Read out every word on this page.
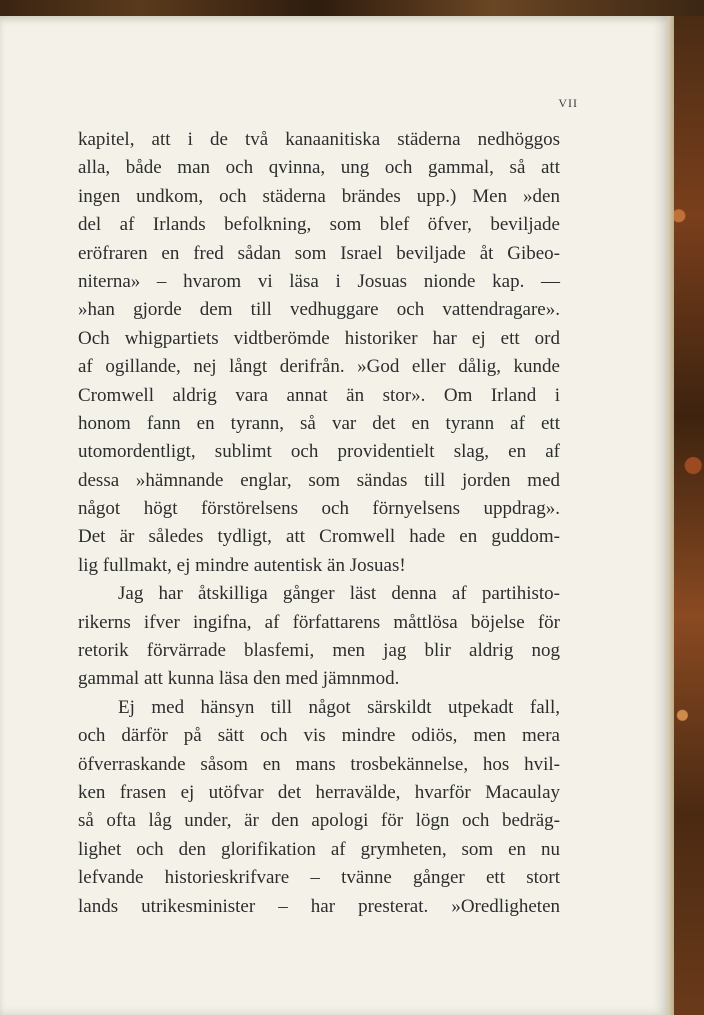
VII
kapitel, att i de två kanaanitiska städerna nedhöggos
alla, både man och qvinna, ung och gammal, så att
ingen undkom, och städerna brändes upp.) Men »den
del af Irlands befolkning, som blef öfver, beviljade
eröfraren en fred sådan som Israel beviljade åt Gibeo-
niterna» – hvarom vi läsa i Josuas nionde kap. —
»han gjorde dem till vedhuggare och vattendragare».
Och whigpartiets vidtberömde historiker har ej ett ord
af ogillande, nej långt derifrån. »God eller dålig, kunde
Cromwell aldrig vara annat än stor». Om Irland i
honom fann en tyrann, så var det en tyrann af ett
utomordentligt, sublimt och providentielt slag, en af
dessa »hämnande englar, som sändas till jorden med
något högt förstörelsens och förnyelsens uppdrag».
Det är således tydligt, att Cromwell hade en guddom-
lig fullmakt, ej mindre autentisk än Josuas!
Jag har åtskilliga gånger läst denna af partihisto-
rikerns ifver ingifna, af författarens måttlösa böjelse för
retorik förvärrade blasfemi, men jag blir aldrig nog
gammal att kunna läsa den med jämnmod.
Ej med hänsyn till något särskildt utpekadt fall,
och därför på sätt och vis mindre odiös, men mera
öfverraskande såsom en mans trosbekännelse, hos hvil-
ken frasen ej utöfvar det herravälde, hvarför Macaulay
så ofta låg under, är den apologi för lögn och bedräg-
lighet och den glorifikation af grymheten, som en nu
lefvande historieskrifvare – tvänne gånger ett stort
lands utrikesminister – har presterat. »Oredligheten
